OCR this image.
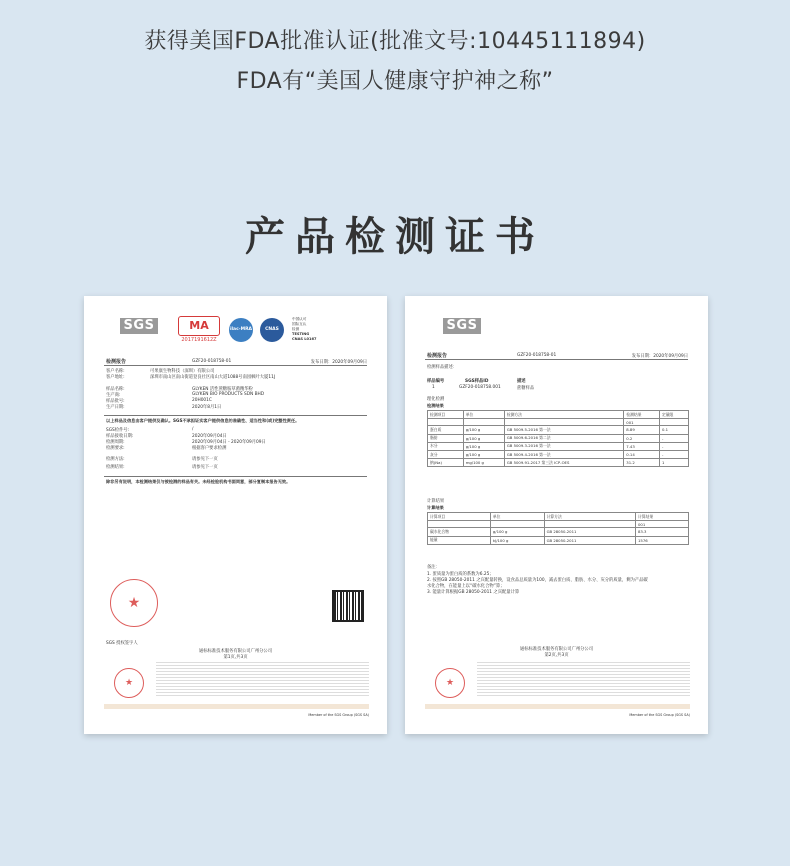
获得美国FDA批准认证(批准文号:10445111894)
FDA有“美国人健康守护神之称”
产品检测证书
SGS	MA
2017191612Z
ilac-MRA	CNAS
中国认可
国际互认
检测
TESTING
CNAS L0167
检测报告	GZF20-018758-01	发布日期：2020年09月09日
客户名称:	可果康生物科技（深圳）有限公司
客户地址:	深圳市南山区南山街道登良社区南山大道1088号南园枫叶大厦11J
样品名称:	GLYKEN 活性蔗糖胺草菌精华粉
生产商:	GLYKEN BIO PRODUCTS SDN BHD
样品批号:	20H001C
生产日期:	2020年8月1日
以上样品及信息由客户提供及确认。SGS不承担证实客户提供信息的准确性、适当性和(或)完整性责任。
SGS检件号:	/
样品接收日期:	2020年09月04日
检测周期:	2020年09月04日 - 2020年09月09日
检测要求:	根据客户要求检测
检测方法:	请参见下一页
检测结果:	请参见下一页
除非另有说明，本检测结果仅与被检测的样品有关。未经检验机构书面同意，部分复制本报告无效。
★
SGS 授权签字人
通标标准技术服务有限公司广州分公司
第1页,共3页
★
Member of the SGS Group (SGS SA)
SGS
检测报告	GZF20-018758-01	发布日期：2020年09月09日
检测样品描述：
样品编号	SGS样品ID	描述
1	GZF20-018758.001	蔗糖样品
理化检测
检测结果
检测项目	单位	检测方法	检测结果	定量限
			001	
蛋白质	g/100 g	GB 5009.5-2016 第一法	8.89	0.1
脂肪	g/100 g	GB 5009.6-2016 第二法	0.2	-
水分	g/100 g	GB 5009.3-2016 第一法	7.43	-
灰分	g/100 g	GB 5009.4-2016 第一法	0.14	-
钠(Na)	mg/100 g	GB 5009.91-2017 第三法 ICP-OES	31.2	1
计算结果
计算结果
计算项目	单位	计算方法	计算结果
			001
碳水化合物	g/100 g	GB 28050-2011	83.3
能量	kJ/100 g	GB 28050-2011	1576
备注：
1. 蛋质量为蛋白质的系数为6.25；
2. 按照GB 28050-2011 之宾配量转换，设食品总质量为100，减去蛋白质、脂肪、水分、灰分的质量，剩为产品碳
水化合物，在能量上以“碳水化合物”算；
3. 能量计算根据GB 28050-2011 之宾配量计算
通标标准技术服务有限公司广州分公司
第2页,共3页
★
Member of the SGS Group (SGS SA)
